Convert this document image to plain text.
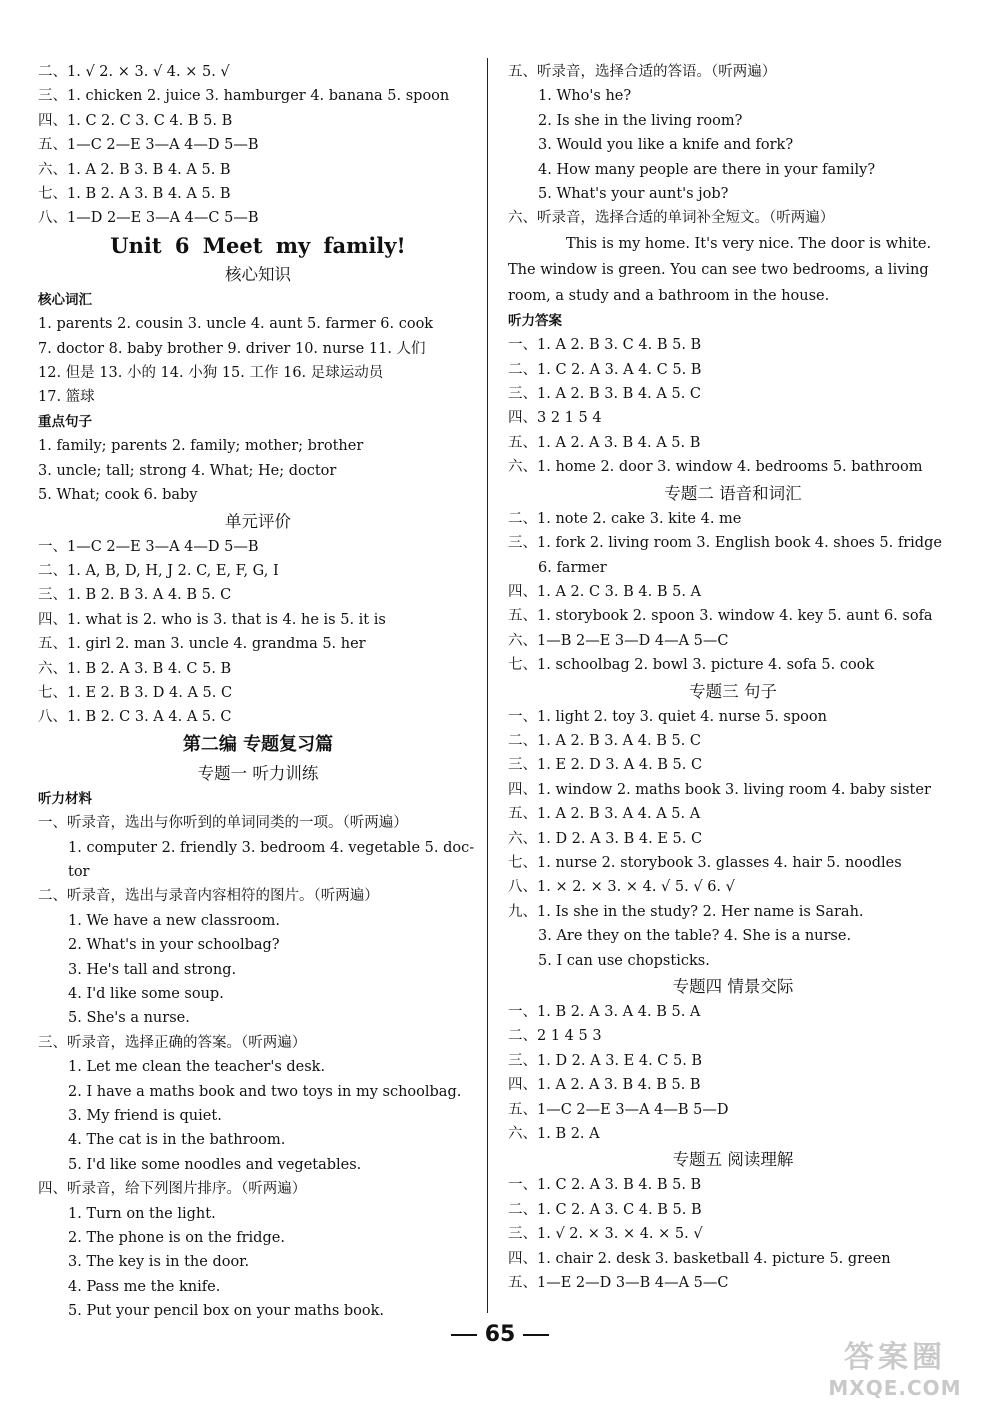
二、1. √ 2. × 3. √ 4. × 5. √
三、1. chicken 2. juice 3. hamburger 4. banana 5. spoon
四、1. C 2. C 3. C 4. B 5. B
五、1—C 2—E 3—A 4—D 5—B
六、1. A 2. B 3. B 4. A 5. B
七、1. B 2. A 3. B 4. A 5. B
八、1—D 2—E 3—A 4—C 5—B
Unit 6 Meet my family!
核心知识
核心词汇
1. parents 2. cousin 3. uncle 4. aunt 5. farmer 6. cook
7. doctor 8. baby brother 9. driver 10. nurse 11. 人们
12. 但是 13. 小的 14. 小狗 15. 工作 16. 足球运动员
17. 篮球
重点句子
1. family; parents 2. family; mother; brother
3. uncle; tall; strong 4. What; He; doctor
5. What; cook 6. baby
单元评价
一、1—C 2—E 3—A 4—D 5—B
二、1. A, B, D, H, J 2. C, E, F, G, I
三、1. B 2. B 3. A 4. B 5. C
四、1. what is 2. who is 3. that is 4. he is 5. it is
五、1. girl 2. man 3. uncle 4. grandma 5. her
六、1. B 2. A 3. B 4. C 5. B
七、1. E 2. B 3. D 4. A 5. C
八、1. B 2. C 3. A 4. A 5. C
第二编 专题复习篇
专题一 听力训练
听力材料
一、听录音，选出与你听到的单词同类的一项。（听两遍）
1. computer 2. friendly 3. bedroom 4. vegetable 5. doc-
tor
二、听录音，选出与录音内容相符的图片。（听两遍）
1. We have a new classroom.
2. What's in your schoolbag?
3. He's tall and strong.
4. I'd like some soup.
5. She's a nurse.
三、听录音，选择正确的答案。（听两遍）
1. Let me clean the teacher's desk.
2. I have a maths book and two toys in my schoolbag.
3. My friend is quiet.
4. The cat is in the bathroom.
5. I'd like some noodles and vegetables.
四、听录音，给下列图片排序。（听两遍）
1. Turn on the light.
2. The phone is on the fridge.
3. The key is in the door.
4. Pass me the knife.
5. Put your pencil box on your maths book.
五、听录音，选择合适的答语。（听两遍）
1. Who's he?
2. Is she in the living room?
3. Would you like a knife and fork?
4. How many people are there in your family?
5. What's your aunt's job?
六、听录音，选择合适的单词补全短文。（听两遍）
This is my home. It's very nice. The door is white. The window is green. You can see two bedrooms, a living room, a study and a bathroom in the house.
听力答案
一、1. A 2. B 3. C 4. B 5. B
二、1. C 2. A 3. A 4. C 5. B
三、1. A 2. B 3. B 4. A 5. C
四、3 2 1 5 4
五、1. A 2. A 3. B 4. A 5. B
六、1. home 2. door 3. window 4. bedrooms 5. bathroom
专题二 语音和词汇
二、1. note 2. cake 3. kite 4. me
三、1. fork 2. living room 3. English book 4. shoes 5. fridge
6. farmer
四、1. A 2. C 3. B 4. B 5. A
五、1. storybook 2. spoon 3. window 4. key 5. aunt 6. sofa
六、1—B 2—E 3—D 4—A 5—C
七、1. schoolbag 2. bowl 3. picture 4. sofa 5. cook
专题三 句子
一、1. light 2. toy 3. quiet 4. nurse 5. spoon
二、1. A 2. B 3. A 4. B 5. C
三、1. E 2. D 3. A 4. B 5. C
四、1. window 2. maths book 3. living room 4. baby sister
五、1. A 2. B 3. A 4. A 5. A
六、1. D 2. A 3. B 4. E 5. C
七、1. nurse 2. storybook 3. glasses 4. hair 5. noodles
八、1. × 2. × 3. × 4. √ 5. √ 6. √
九、1. Is she in the study? 2. Her name is Sarah.
3. Are they on the table? 4. She is a nurse.
5. I can use chopsticks.
专题四 情景交际
一、1. B 2. A 3. A 4. B 5. A
二、2 1 4 5 3
三、1. D 2. A 3. E 4. C 5. B
四、1. A 2. A 3. B 4. B 5. B
五、1—C 2—E 3—A 4—B 5—D
六、1. B 2. A
专题五 阅读理解
一、1. C 2. A 3. B 4. B 5. B
二、1. C 2. A 3. C 4. B 5. B
三、1. √ 2. × 3. × 4. × 5. √
四、1. chair 2. desk 3. basketball 4. picture 5. green
五、1—E 2—D 3—B 4—A 5—C
65
答案圈
MXQE.COM
